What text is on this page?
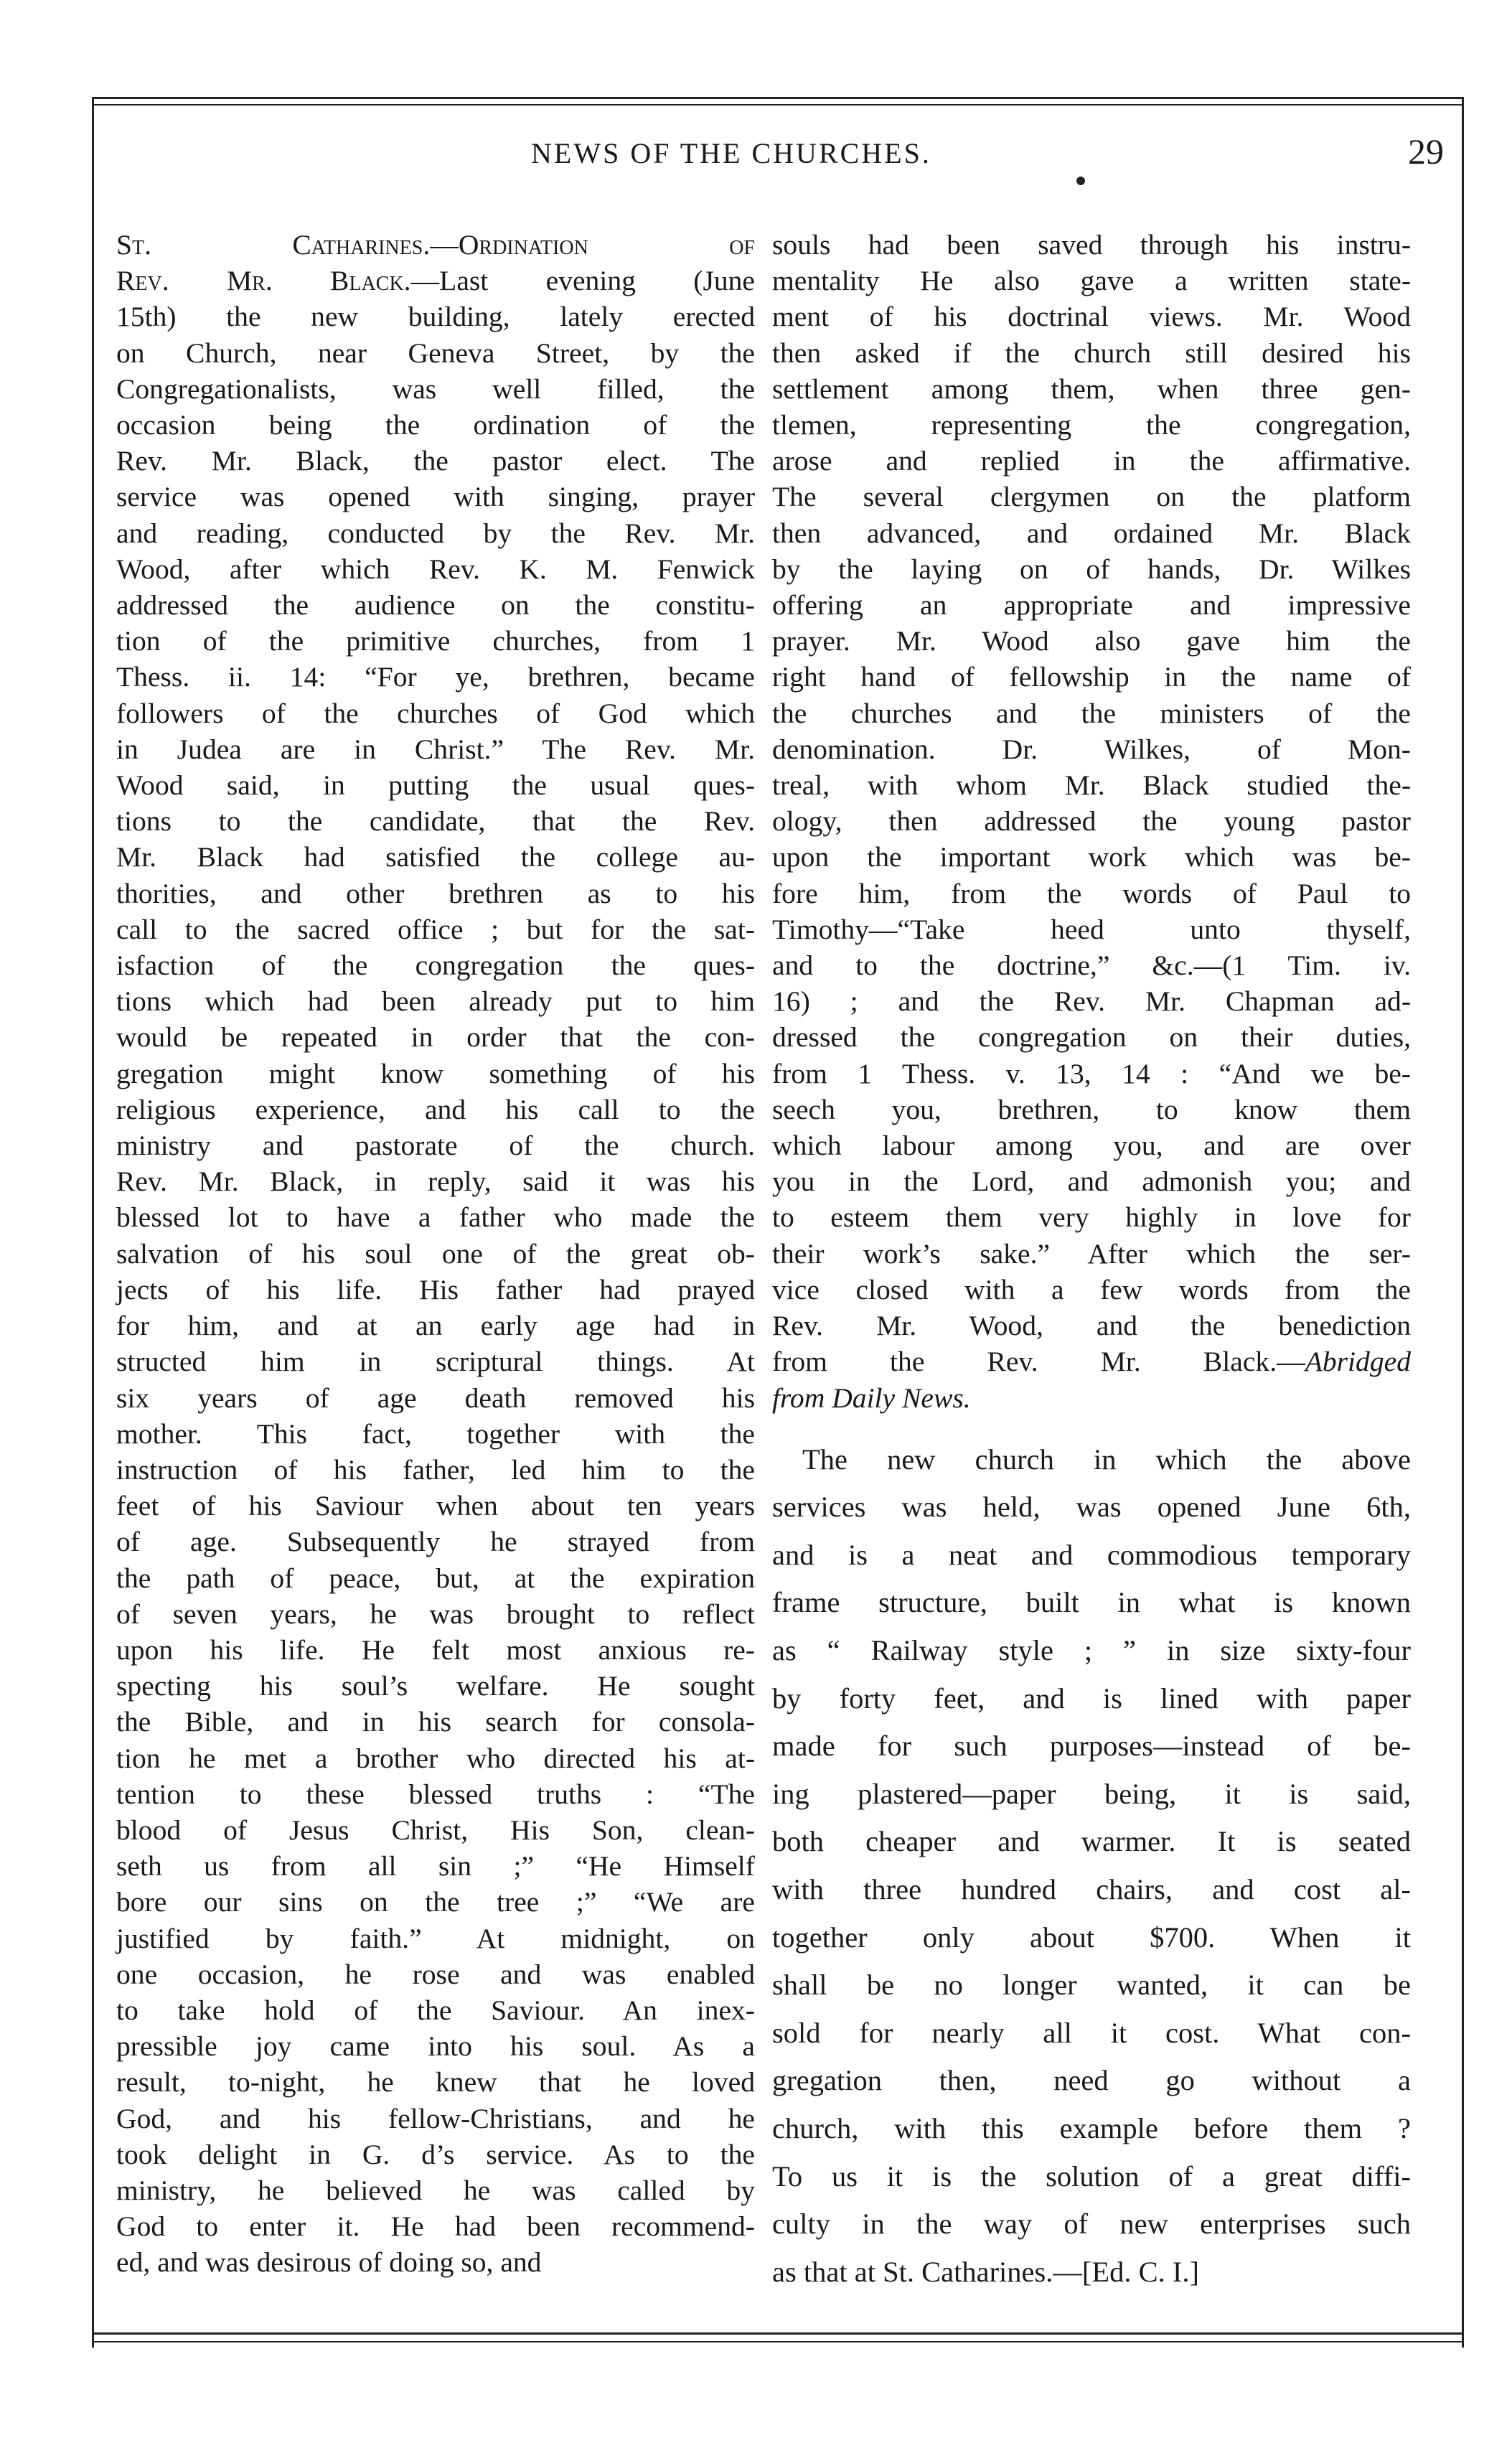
NEWS OF THE CHURCHES.	29

St. Catharines.—Ordination of

Rev. Mr. Black.—Last evening (June

15th) the new building, lately erected

on Church, near Geneva Street, by the

Congregationalists, was well filled, the

occasion being the ordination of the

Rev. Mr. Black, the pastor elect. The

service was opened with singing, prayer

and reading, conducted by the Rev. Mr.

Wood, after which Rev. K. M. Fenwick

addressed the audience on the constitu-

tion of the primitive churches, from 1

Thess. ii. 14: “For ye, brethren, became

followers of the churches of God which

in Judea are in Christ.” The Rev. Mr.

Wood said, in putting the usual ques-

tions to the candidate, that the Rev.

Mr. Black had satisfied the college au-

thorities, and other brethren as to his

call to the sacred office ; but for the sat-

isfaction of the congregation the ques-

tions which had been already put to him

would be repeated in order that the con-

gregation might know something of his

religious experience, and his call to the

ministry and pastorate of the church.

Rev. Mr. Black, in reply, said it was his

blessed lot to have a father who made the

salvation of his soul one of the great ob-

jects of his life. His father had prayed

for him, and at an early age had in

structed him in scriptural things. At

six years of age death removed his

mother. This fact, together with the

instruction of his father, led him to the

feet of his Saviour when about ten years

of age. Subsequently he strayed from

the path of peace, but, at the expiration

of seven years, he was brought to reflect

upon his life. He felt most anxious re-

specting his soul’s welfare. He sought

the Bible, and in his search for consola-

tion he met a brother who directed his at-

tention to these blessed truths : “The

blood of Jesus Christ, His Son, clean-

seth us from all sin ;” “He Himself

bore our sins on the tree ;” “We are

justified by faith.” At midnight, on

one occasion, he rose and was enabled

to take hold of the Saviour. An inex-

pressible joy came into his soul. As a

result, to-night, he knew that he loved

God, and his fellow-Christians, and he

took delight in G. d’s service. As to the

ministry, he believed he was called by

God to enter it. He had been recommend-

ed, and was desirous of doing so, and

souls had been saved through his instru-

mentality He also gave a written state-

ment of his doctrinal views. Mr. Wood

then asked if the church still desired his

settlement among them, when three gen-

tlemen, representing the congregation,

arose and replied in the affirmative.

The several clergymen on the platform

then advanced, and ordained Mr. Black

by the laying on of hands, Dr. Wilkes

offering an appropriate and impressive

prayer. Mr. Wood also gave him the

right hand of fellowship in the name of

the churches and the ministers of the

denomination. Dr. Wilkes, of Mon-

treal, with whom Mr. Black studied the-

ology, then addressed the young pastor

upon the important work which was be-

fore him, from the words of Paul to

Timothy—“Take heed unto thyself,

and to the doctrine,” &c.—(1 Tim. iv.

16) ; and the Rev. Mr. Chapman ad-

dressed the congregation on their duties,

from 1 Thess. v. 13, 14 : “And we be-

seech you, brethren, to know them

which labour among you, and are over

you in the Lord, and admonish you; and

to esteem them very highly in love for

their work’s sake.” After which the ser-

vice closed with a few words from the

Rev. Mr. Wood, and the benediction

from the Rev. Mr. Black.—Abridged

from Daily News.

The new church in which the above
services was held, was opened June 6th,
and is a neat and commodious temporary
frame structure, built in what is known
as “ Railway style ; ” in size sixty-four
by forty feet, and is lined with paper
made for such purposes—instead of be-
ing plastered—paper being, it is said,
both cheaper and warmer. It is seated
with three hundred chairs, and cost al-
together only about $700. When it
shall be no longer wanted, it can be
sold for nearly all it cost. What con-
gregation then, need go without a
church, with this example before them ?
To us it is the solution of a great diffi-
culty in the way of new enterprises such
as that at St. Catharines.—[Ed. C. I.]
